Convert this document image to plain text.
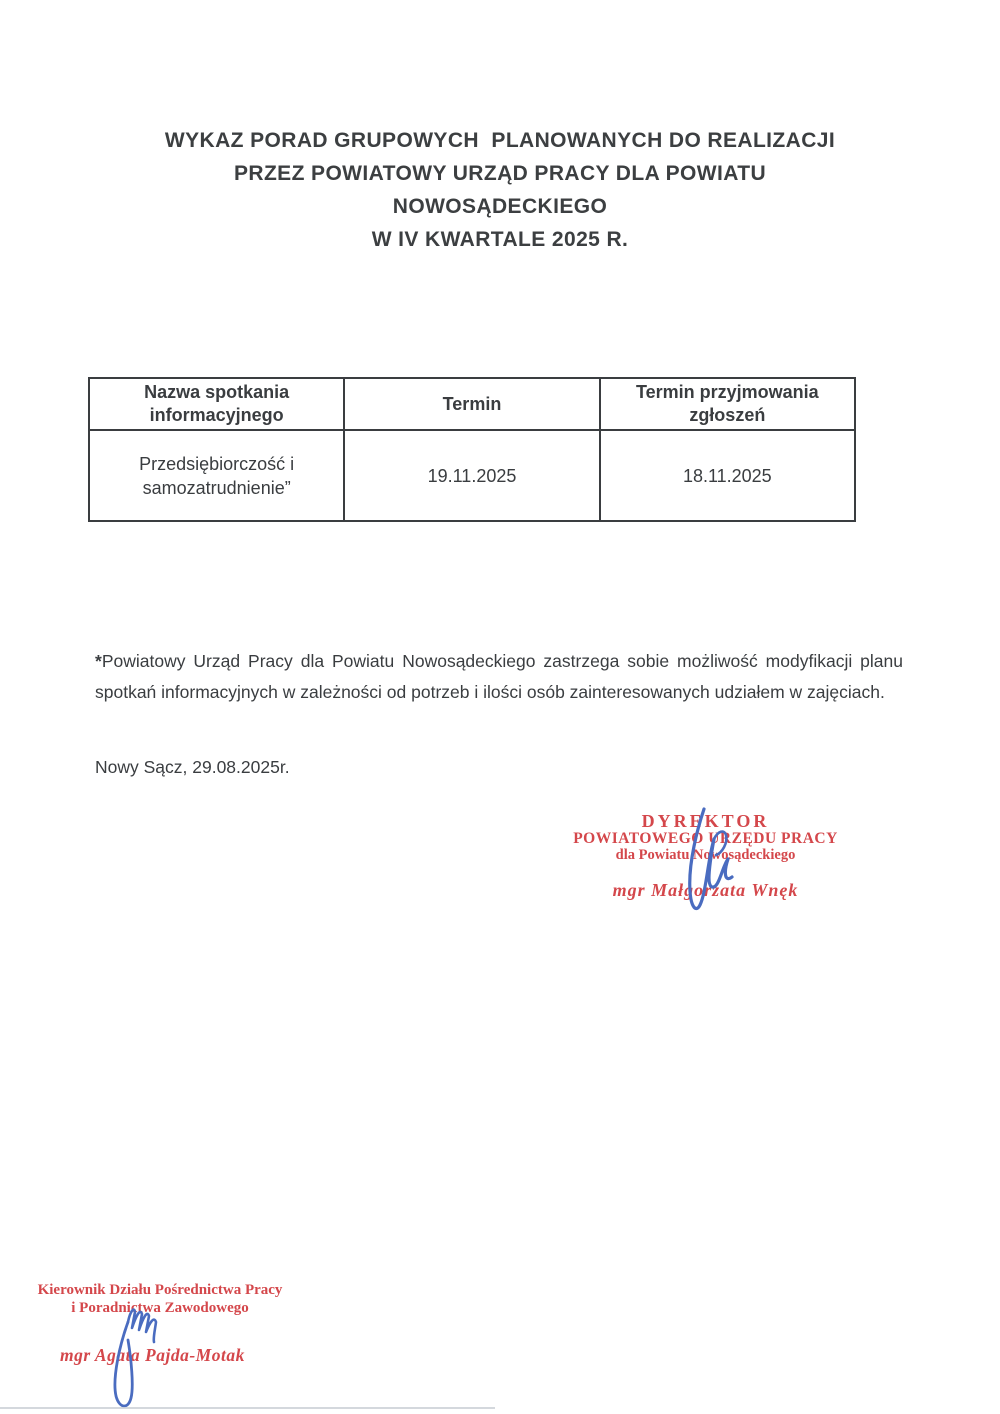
WYKAZ PORAD GRUPOWYCH  PLANOWANYCH DO REALIZACJI
PRZEZ POWIATOWY URZĄD PRACY DLA POWIATU
NOWOSĄDECKIEGO
W IV KWARTALE 2025 R.
Nazwa spotkania informacyjnego	Termin	Termin przyjmowania zgłoszeń
Przedsiębiorczość i samozatrudnienie”	19.11.2025	18.11.2025

*Powiatowy Urząd Pracy dla Powiatu Nowosądeckiego zastrzega sobie możliwość modyfikacji planu spotkań informacyjnych w zależności od potrzeb i ilości osób zainteresowanych udziałem w zajęciach.

Nowy Sącz, 29.08.2025r.

DYREKTOR
POWIATOWEGO URZĘDU PRACY
dla Powiatu Nowosądeckiego
mgr Małgorzata Wnęk
Kierownik Działu Pośrednictwa Pracy
i Poradnictwa Zawodowego
mgr Agata Pajda-Motak
